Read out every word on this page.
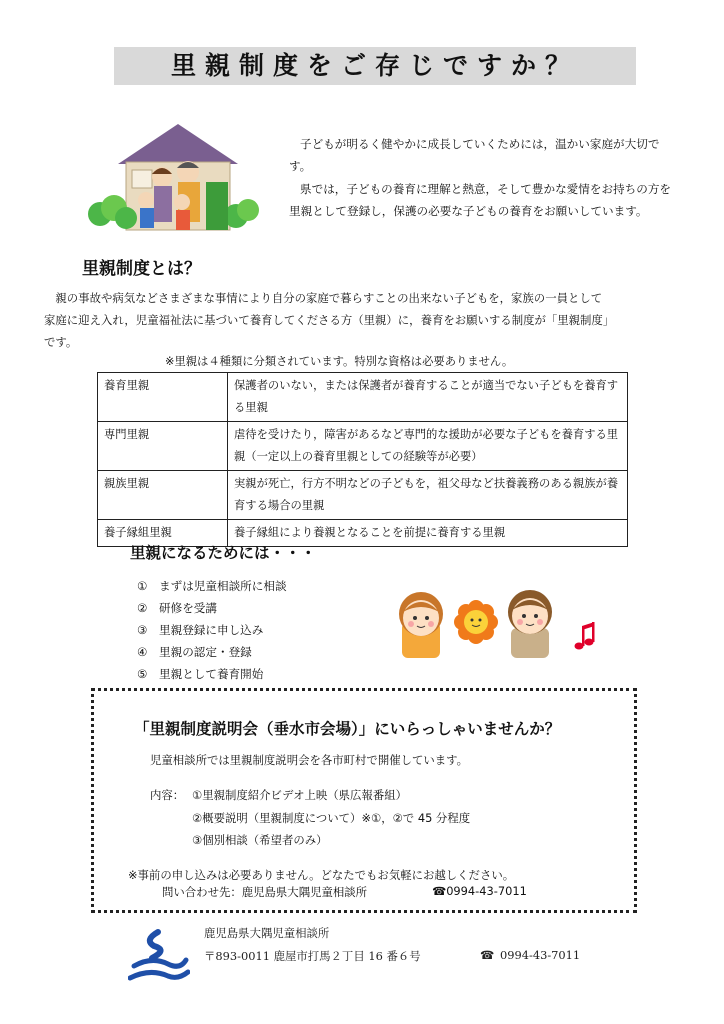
里親制度をご存じですか？

子どもが明るく健やかに成長していくためには，温かい家庭が大切です。

県では，子どもの養育に理解と熱意，そして豊かな愛情をお持ちの方を里親として登録し，保護の必要な子どもの養育をお願いしています。

里親制度とは？
　親の事故や病気などさまざまな事情により自分の家庭で暮らすことの出来ない子どもを，家族の一員として
家庭に迎え入れ，児童福祉法に基づいて養育してくださる方（里親）に，養育をお願いする制度が「里親制度」
です。
※里親は４種類に分類されています。特別な資格は必要ありません。
養育里親	保護者のいない，または保護者が養育することが適当でない子どもを養育する里親
専門里親	虐待を受けたり，障害があるなど専門的な援助が必要な子どもを養育する里親（一定以上の養育里親としての経験等が必要）
親族里親	実親が死亡，行方不明などの子どもを，祖父母など扶養義務のある親族が養育する場合の里親
養子縁組里親	養子縁組により養親となることを前提に養育する里親
里親になるためには・・・
① まずは児童相談所に相談
② 研修を受講
③ 里親登録に申し込み
④ 里親の認定・登録
⑤ 里親として養育開始
「里親制度説明会（垂水市会場）」にいらっしゃいませんか？
児童相談所では里親制度説明会を各市町村で開催しています。
内容： ①里親制度紹介ビデオ上映（県広報番組）
②概要説明（里親制度について）※①，②で 45 分程度
③個別相談（希望者のみ）
※事前の申し込みは必要ありません。どなたでもお気軽にお越しください。
問い合わせ先：鹿児島県大隅児童相談所	☎0994-43-7011
鹿児島県大隅児童相談所
〒893-0011 鹿屋市打馬２丁目 16 番６号	☎ 0994-43-7011
